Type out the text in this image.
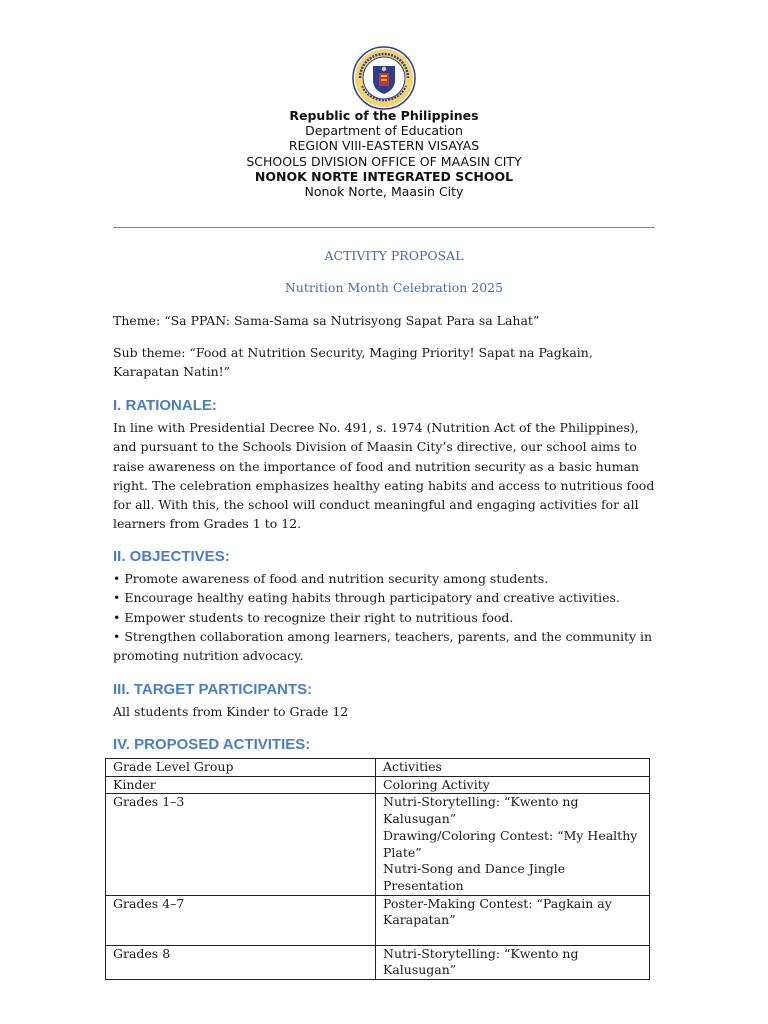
Republic of the Philippines
Department of Education
REGION VIII-EASTERN VISAYAS
SCHOOLS DIVISION OFFICE OF MAASIN CITY
NONOK NORTE INTEGRATED SCHOOL
Nonok Norte, Maasin City
ACTIVITY PROPOSAL
Nutrition Month Celebration 2025
Theme: “Sa PPAN: Sama-Sama sa Nutrisyong Sapat Para sa Lahat”
Sub theme: “Food at Nutrition Security, Maging Priority! Sapat na Pagkain, Karapatan Natin!”
I. RATIONALE:
In line with Presidential Decree No. 491, s. 1974 (Nutrition Act of the Philippines), and pursuant to the Schools Division of Maasin City’s directive, our school aims to raise awareness on the importance of food and nutrition security as a basic human right. The celebration emphasizes healthy eating habits and access to nutritious food for all. With this, the school will conduct meaningful and engaging activities for all learners from Grades 1 to 12.
II. OBJECTIVES:
• Promote awareness of food and nutrition security among students.
• Encourage healthy eating habits through participatory and creative activities.
• Empower students to recognize their right to nutritious food.
• Strengthen collaboration among learners, teachers, parents, and the community in promoting nutrition advocacy.
III. TARGET PARTICIPANTS:
All students from Kinder to Grade 12
IV. PROPOSED ACTIVITIES:
Grade Level Group	Activities
Kinder	Coloring Activity

Grades 1–3	Nutri-Storytelling: “Kwento ng Kalusugan”
Drawing/Coloring Contest: “My Healthy Plate”
Nutri-Song and Dance Jingle Presentation

Grades 4–7	Poster-Making Contest: “Pagkain ay Karapatan”

Grades 8	Nutri-Storytelling: “Kwento ng Kalusugan”
